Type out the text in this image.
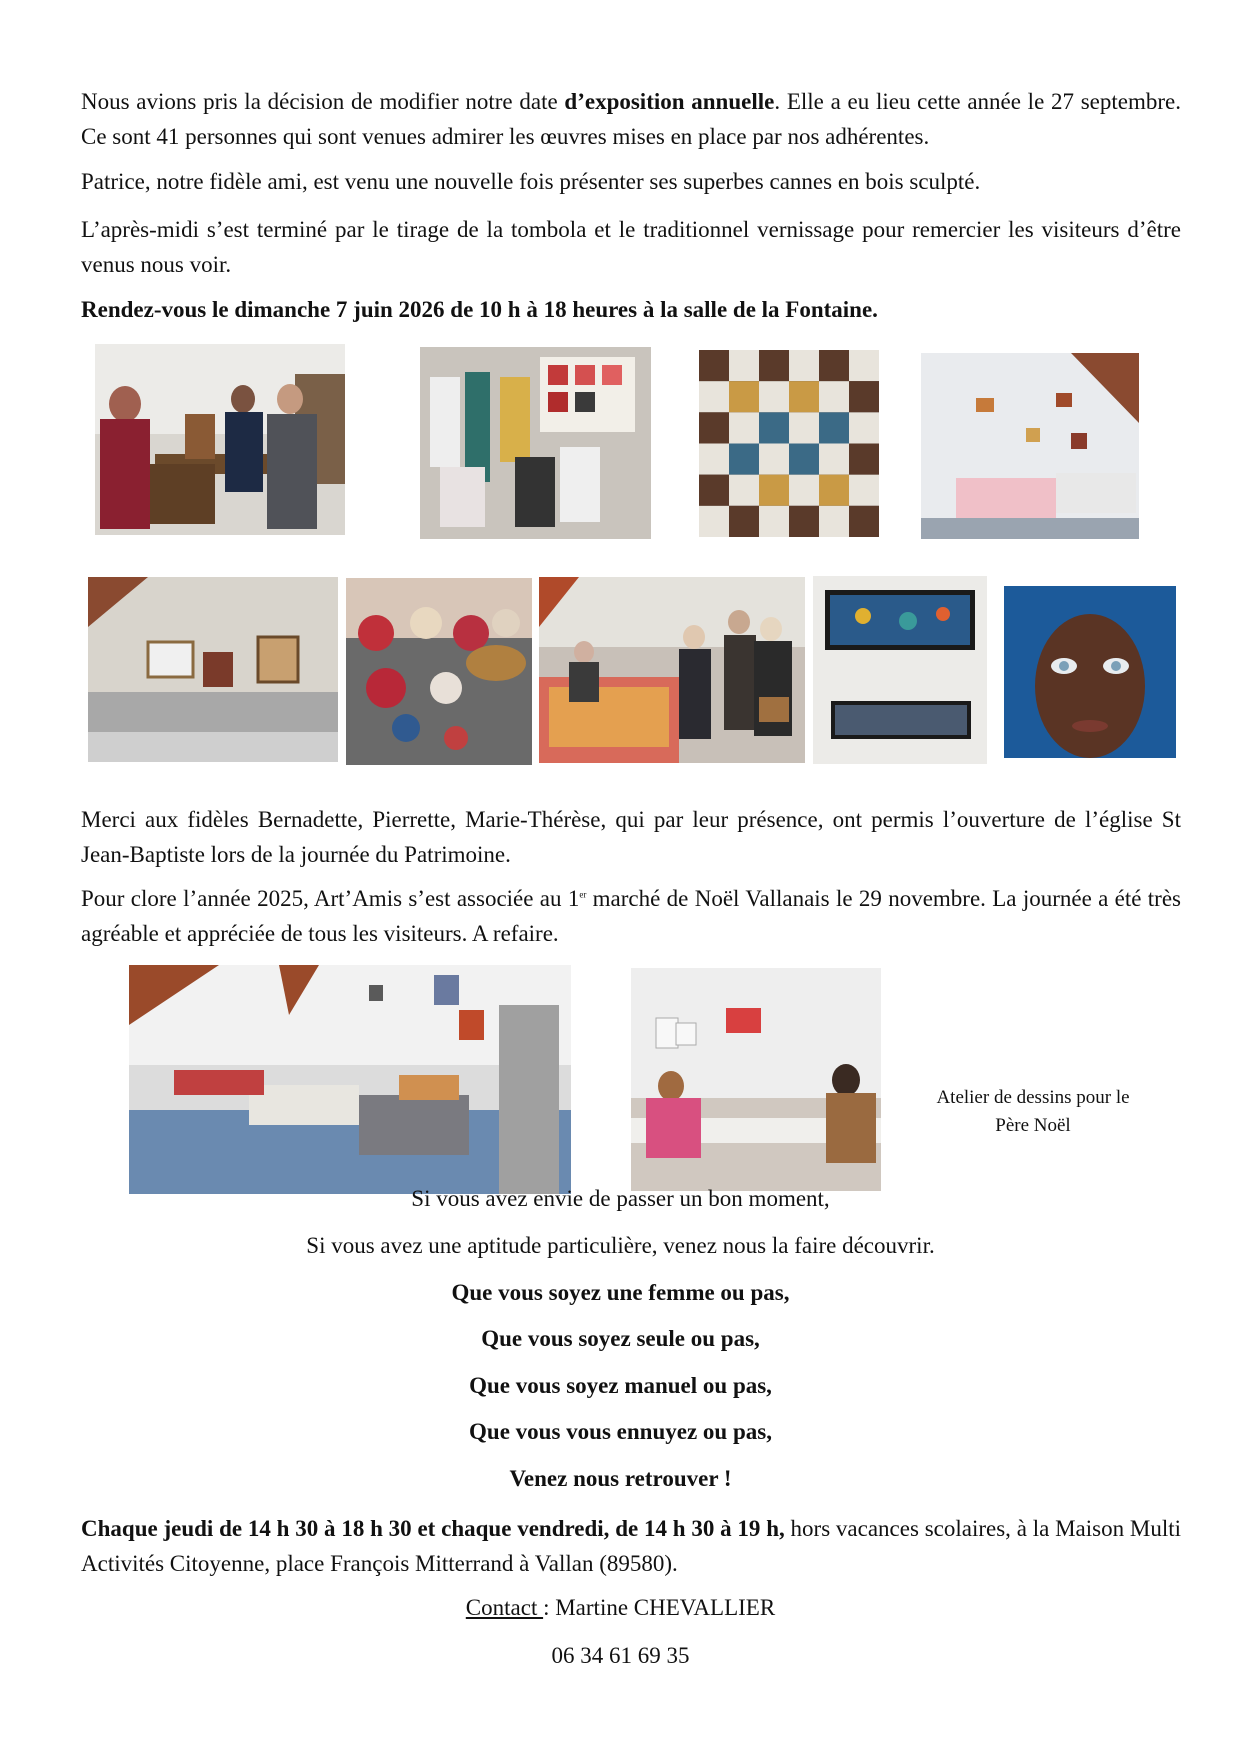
Nous avions pris la décision de modifier notre date d’exposition annuelle. Elle a eu lieu cette année le 27 septembre. Ce sont 41 personnes qui sont venues admirer les œuvres mises en place par nos adhérentes.

Patrice, notre fidèle ami, est venu une nouvelle fois présenter ses superbes cannes en bois sculpté.

L’après-midi s’est terminé par le tirage de la tombola et le traditionnel vernissage pour remercier les visiteurs d’être venus nous voir.

Rendez-vous le dimanche 7 juin 2026 de 10 h à 18 heures à la salle de la Fontaine.

Merci aux fidèles Bernadette, Pierrette, Marie-Thérèse, qui par leur présence, ont permis l’ouverture de l’église St Jean-Baptiste lors de la journée du Patrimoine.

Pour clore l’année 2025, Art’Amis s’est associée au 1er marché de Noël Vallanais le 29 novembre. La journée a été très agréable et appréciée de tous les visiteurs. A refaire.

Atelier de dessins pour le
Père Noël

Si vous avez envie de passer un bon moment,

Si vous avez une aptitude particulière, venez nous la faire découvrir.

Que vous soyez une femme ou pas,

Que vous soyez seule ou pas,

Que vous soyez manuel ou pas,

Que vous vous ennuyez ou pas,

Venez nous retrouver !

Chaque jeudi de 14 h 30 à 18 h 30 et chaque vendredi, de 14 h 30 à 19 h, hors vacances scolaires, à la Maison Multi Activités Citoyenne, place François Mitterrand à Vallan (89580).

Contact : Martine CHEVALLIER

06 34 61 69 35
